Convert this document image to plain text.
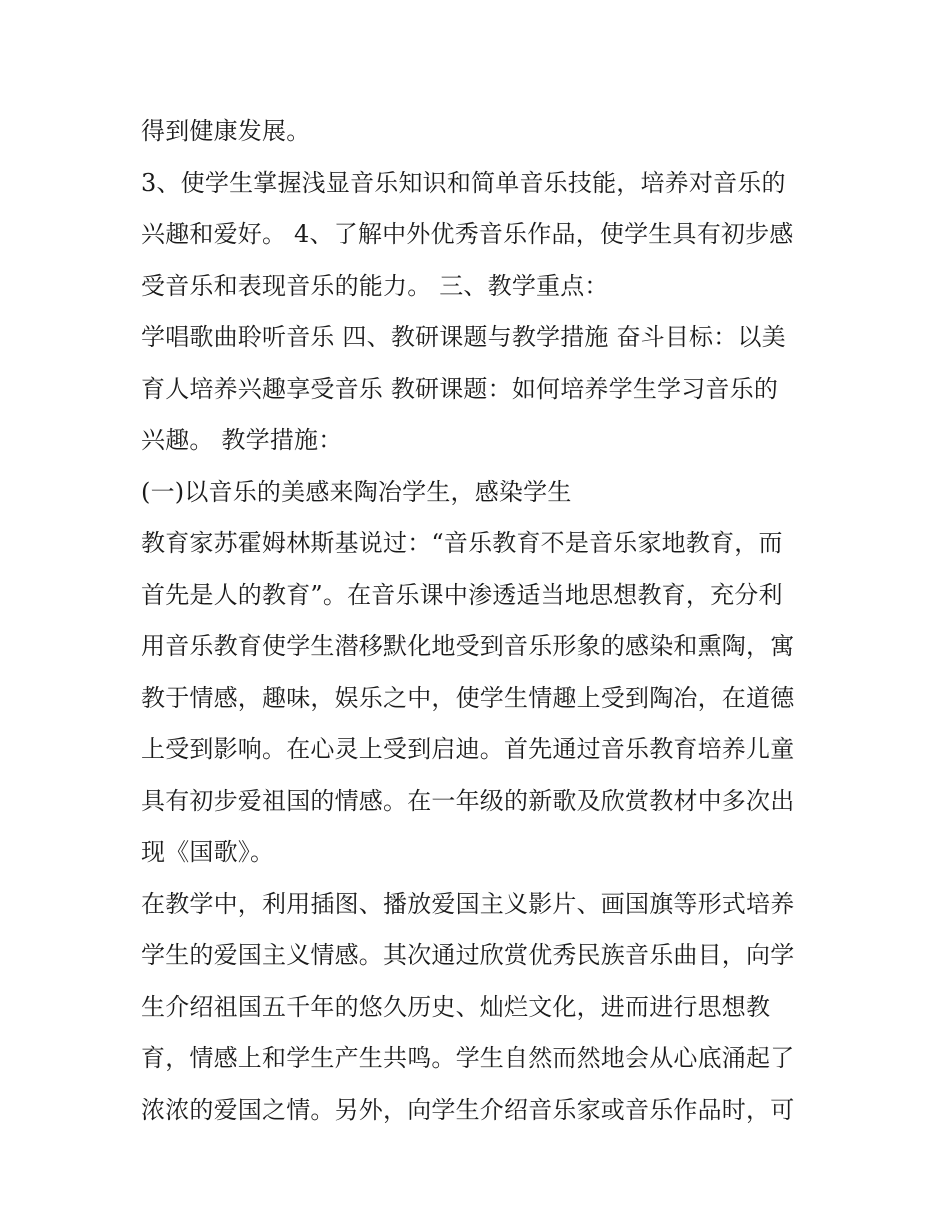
得到健康发展。
3、使学生掌握浅显音乐知识和简单音乐技能，培养对音乐的
兴趣和爱好。 4、了解中外优秀音乐作品，使学生具有初步感
受音乐和表现音乐的能力。 三、教学重点：
学唱歌曲聆听音乐 四、教研课题与教学措施 奋斗目标：以美
育人培养兴趣享受音乐 教研课题：如何培养学生学习音乐的
兴趣。 教学措施：
(一)以音乐的美感来陶冶学生，感染学生
教育家苏霍姆林斯基说过：“音乐教育不是音乐家地教育，而
首先是人的教育”。在音乐课中渗透适当地思想教育，充分利
用音乐教育使学生潜移默化地受到音乐形象的感染和熏陶，寓
教于情感，趣味，娱乐之中，使学生情趣上受到陶冶，在道德
上受到影响。在心灵上受到启迪。首先通过音乐教育培养儿童
具有初步爱祖国的情感。在一年级的新歌及欣赏教材中多次出
现《国歌》。
在教学中，利用插图、播放爱国主义影片、画国旗等形式培养
学生的爱国主义情感。其次通过欣赏优秀民族音乐曲目，向学
生介绍祖国五千年的悠久历史、灿烂文化，进而进行思想教
育，情感上和学生产生共鸣。学生自然而然地会从心底涌起了
浓浓的爱国之情。另外，向学生介绍音乐家或音乐作品时，可
